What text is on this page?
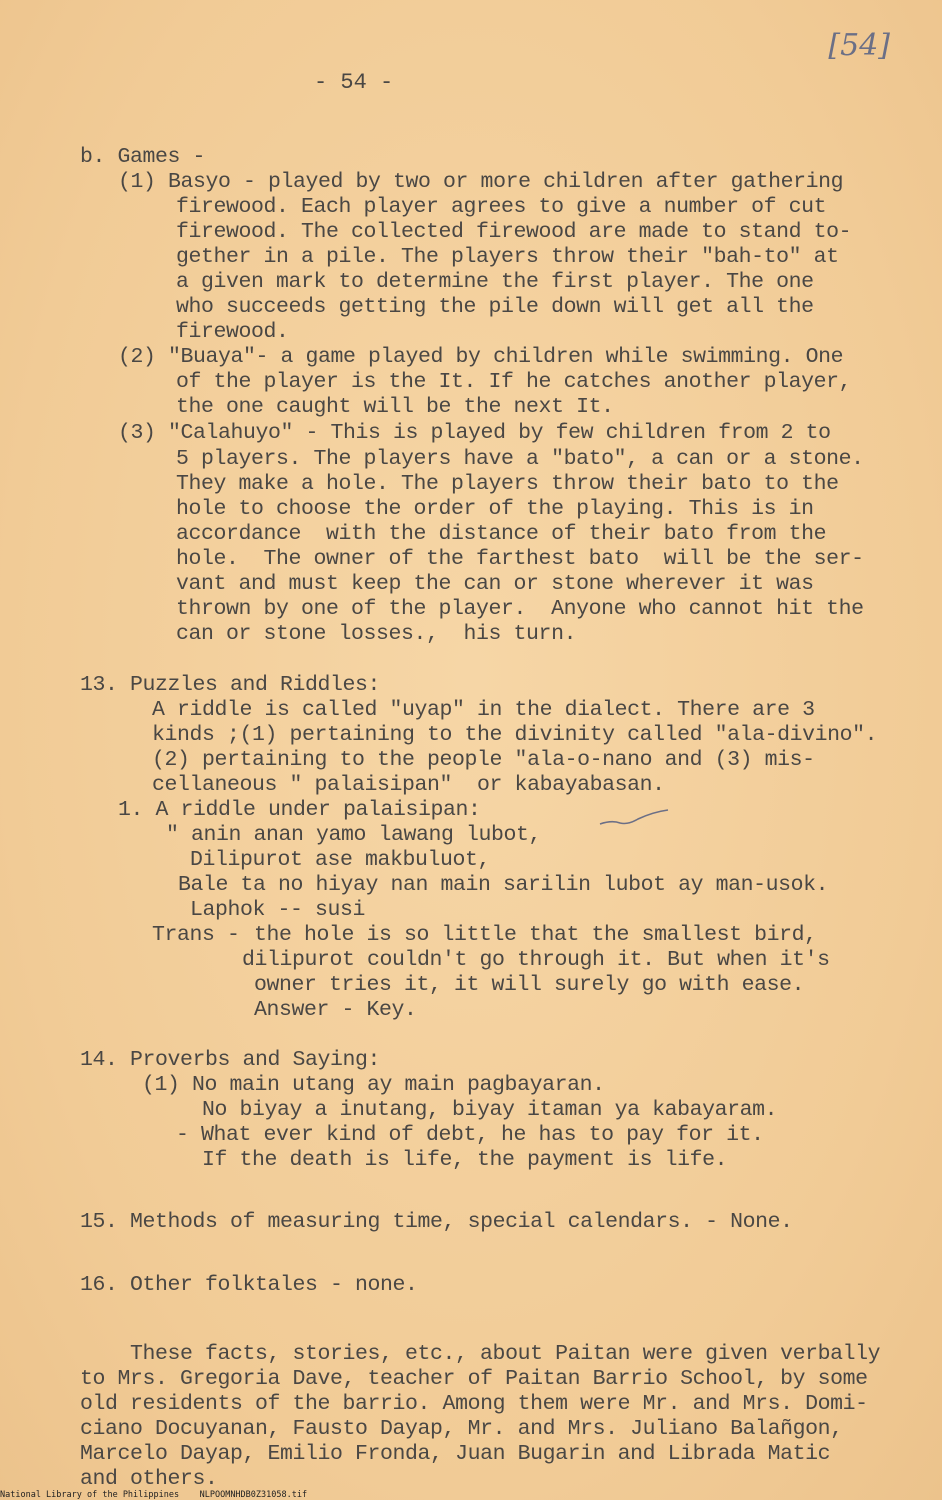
[54]
- 54 -
b. Games -
(1) Basyo - played by two or more children after gathering
firewood. Each player agrees to give a number of cut
firewood. The collected firewood are made to stand to-
gether in a pile. The players throw their "bah-to" at
a given mark to determine the first player. The one
who succeeds getting the pile down will get all the
firewood.
(2) "Buaya"- a game played by children while swimming. One
of the player is the It. If he catches another player,
the one caught will be the next It.
(3) "Calahuyo" - This is played by few children from 2 to
5 players. The players have a "bato", a can or a stone.
They make a hole. The players throw their bato to the
hole to choose the order of the playing. This is in
accordance  with the distance of their bato from the
hole.  The owner of the farthest bato  will be the ser-
vant and must keep the can or stone wherever it was
thrown by one of the player.  Anyone who cannot hit the
can or stone losses.,  his turn.
13. Puzzles and Riddles:
A riddle is called "uyap" in the dialect. There are 3
kinds ;(1) pertaining to the divinity called "ala-divino".
(2) pertaining to the people "ala-o-nano and (3) mis-
cellaneous " palaisipan"  or kabayabasan.
1. A riddle under palaisipan:
" anin anan yamo lawang lubot,
Dilipurot ase makbuluot,
Bale ta no hiyay nan main sarilin lubot ay man-usok.
Laphok -- susi
Trans - the hole is so little that the smallest bird,
dilipurot couldn't go through it. But when it's
owner tries it, it will surely go with ease.
Answer - Key.
14. Proverbs and Saying:
(1) No main utang ay main pagbayaran.
No biyay a inutang, biyay itaman ya kabayaram.
- What ever kind of debt, he has to pay for it.
If the death is life, the payment is life.
15. Methods of measuring time, special calendars. - None.
16. Other folktales - none.
These facts, stories, etc., about Paitan were given verbally
to Mrs. Gregoria Dave, teacher of Paitan Barrio School, by some
old residents of the barrio. Among them were Mr. and Mrs. Domi-
ciano Docuyanan, Fausto Dayap, Mr. and Mrs. Juliano Balañgon,
Marcelo Dayap, Emilio Fronda, Juan Bugarin and Librada Matic
and others.
National Library of the Philippines NLPOOMNHDB0Z31058.tif
